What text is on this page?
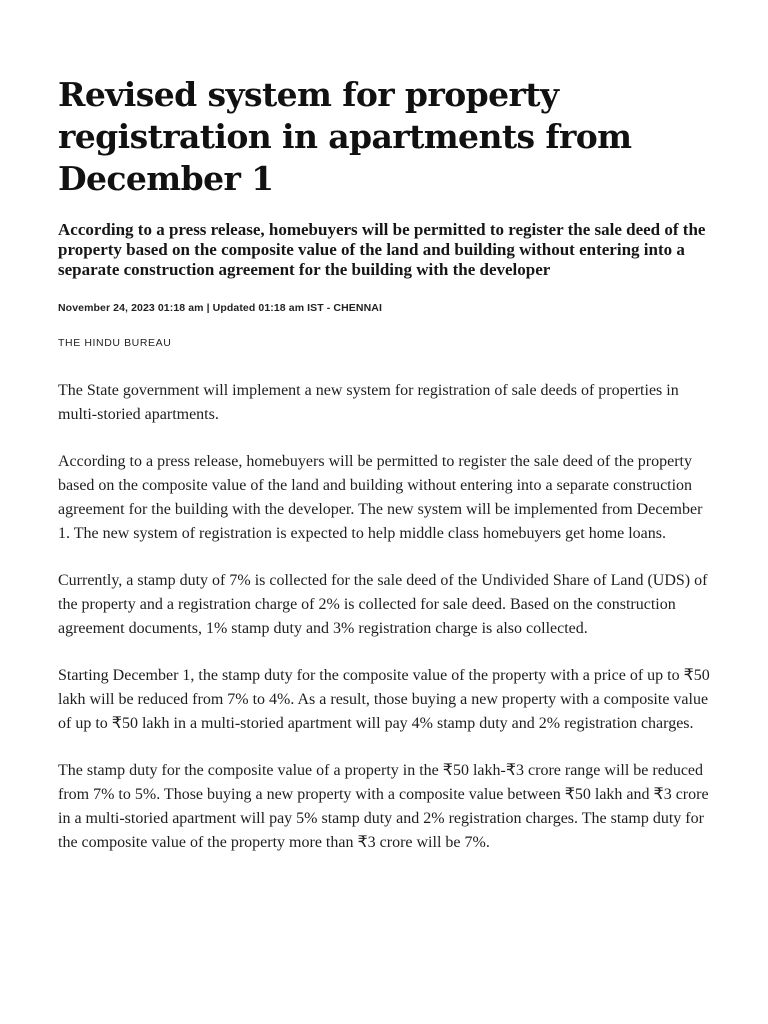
Revised system for property registration in apartments from December 1
According to a press release, homebuyers will be permitted to register the sale deed of the property based on the composite value of the land and building without entering into a separate construction agreement for the building with the developer
November 24, 2023 01:18 am | Updated 01:18 am IST - CHENNAI
THE HINDU BUREAU

The State government will implement a new system for registration of sale deeds of properties in multi-storied apartments.

According to a press release, homebuyers will be permitted to register the sale deed of the property based on the composite value of the land and building without entering into a separate construction agreement for the building with the developer. The new system will be implemented from December 1. The new system of registration is expected to help middle class homebuyers get home loans.

Currently, a stamp duty of 7% is collected for the sale deed of the Undivided Share of Land (UDS) of the property and a registration charge of 2% is collected for sale deed. Based on the construction agreement documents, 1% stamp duty and 3% registration charge is also collected.

Starting December 1, the stamp duty for the composite value of the property with a price of up to ₹50 lakh will be reduced from 7% to 4%. As a result, those buying a new property with a composite value of up to ₹50 lakh in a multi-storied apartment will pay 4% stamp duty and 2% registration charges.

The stamp duty for the composite value of a property in the ₹50 lakh-₹3 crore range will be reduced from 7% to 5%. Those buying a new property with a composite value between ₹50 lakh and ₹3 crore in a multi-storied apartment will pay 5% stamp duty and 2% registration charges. The stamp duty for the composite value of the property more than ₹3 crore will be 7%.
